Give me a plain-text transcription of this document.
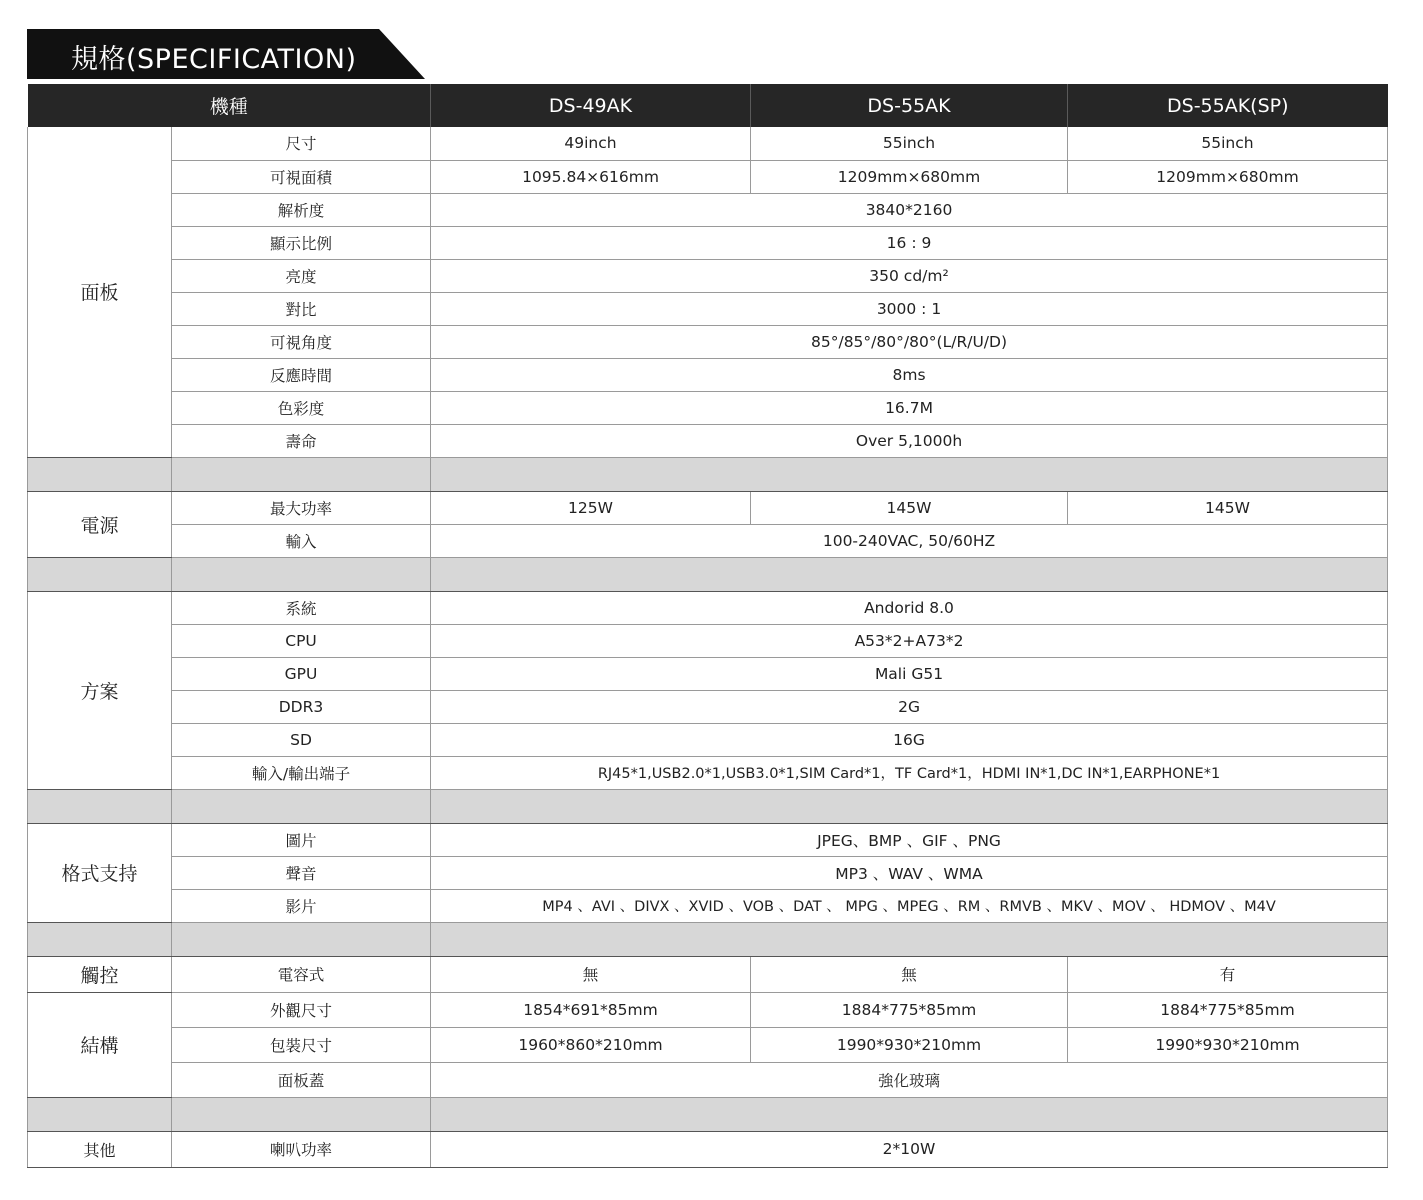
規格(SPECIFICATION)
機種		DS-49AK	DS-55AK	DS-55AK(SP)
面板	尺寸	49inch	55inch	55inch
	可視面積	1095.84×616mm	1209mm×680mm	1209mm×680mm
	解析度	3840*2160		
	顯示比例	16 : 9		
	亮度	350 cd/m²		
	對比	3000 : 1		
	可視角度	85°/85°/80°/80°(L/R/U/D)		
	反應時間	8ms		
	色彩度	16.7M		
	壽命	Over 5,1000h		

電源	最大功率	125W	145W	145W
	輸入	100-240VAC, 50/60HZ		

方案	系統	Andorid 8.0		
	CPU	A53*2+A73*2		
	GPU	Mali G51		
	DDR3	2G		
	SD	16G		
	輸入/輸出端子	RJ45*1,USB2.0*1,USB3.0*1,SIM Card*1，TF Card*1，HDMI IN*1,DC IN*1,EARPHONE*1		

格式支持	圖片	JPEG、BMP 、GIF 、PNG		
	聲音	MP3 、WAV 、WMA		
	影片	MP4 、AVI 、DIVX 、XVID 、VOB 、DAT 、 MPG 、MPEG 、RM 、RMVB 、MKV 、MOV 、 HDMOV 、M4V		

觸控	電容式	無	無	有
結構	外觀尺寸	1854*691*85mm	1884*775*85mm	1884*775*85mm
	包裝尺寸	1960*860*210mm	1990*930*210mm	1990*930*210mm
	面板蓋	強化玻璃		

其他	喇叭功率	2*10W		
